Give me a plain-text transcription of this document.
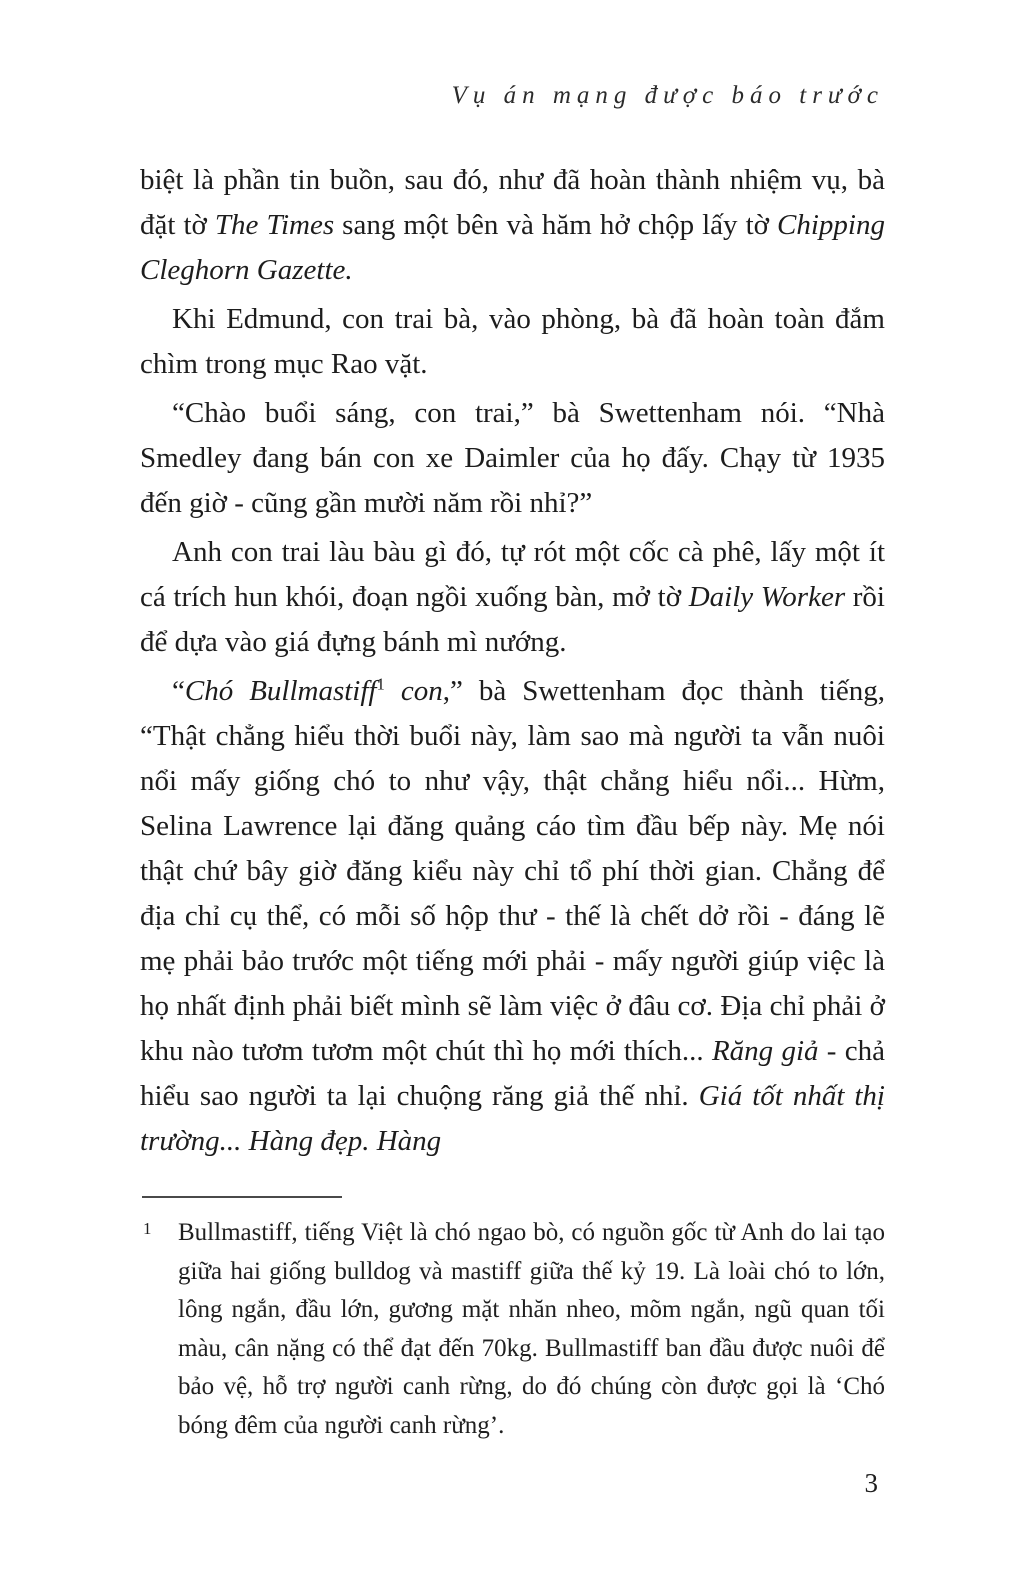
Vụ án mạng được báo trước

biệt là phần tin buồn, sau đó, như đã hoàn thành nhiệm vụ, bà đặt tờ The Times sang một bên và hăm hở chộp lấy tờ Chipping Cleghorn Gazette.

Khi Edmund, con trai bà, vào phòng, bà đã hoàn toàn đắm chìm trong mục Rao vặt.

“Chào buổi sáng, con trai,” bà Swettenham nói. “Nhà Smedley đang bán con xe Daimler của họ đấy. Chạy từ 1935 đến giờ - cũng gần mười năm rồi nhỉ?”

Anh con trai làu bàu gì đó, tự rót một cốc cà phê, lấy một ít cá trích hun khói, đoạn ngồi xuống bàn, mở tờ Daily Worker rồi để dựa vào giá đựng bánh mì nướng.

“Chó Bullmastiff$^1$ con,” bà Swettenham đọc thành tiếng, “Thật chẳng hiểu thời buổi này, làm sao mà người ta vẫn nuôi nổi mấy giống chó to như vậy, thật chẳng hiểu nổi... Hừm, Selina Lawrence lại đăng quảng cáo tìm đầu bếp này. Mẹ nói thật chứ bây giờ đăng kiểu này chỉ tổ phí thời gian. Chẳng để địa chỉ cụ thể, có mỗi số hộp thư - thế là chết dở rồi - đáng lẽ mẹ phải bảo trước một tiếng mới phải - mấy người giúp việc là họ nhất định phải biết mình sẽ làm việc ở đâu cơ. Địa chỉ phải ở khu nào tươm tươm một chút thì họ mới thích... Răng giả - chả hiểu sao người ta lại chuộng răng giả thế nhỉ. Giá tốt nhất thị trường... Hàng đẹp. Hàng

1 Bullmastiff, tiếng Việt là chó ngao bò, có nguồn gốc từ Anh do lai tạo giữa hai giống bulldog và mastiff giữa thế kỷ 19. Là loài chó to lớn, lông ngắn, đầu lớn, gương mặt nhăn nheo, mõm ngắn, ngũ quan tối màu, cân nặng có thể đạt đến 70kg. Bullmastiff ban đầu được nuôi để bảo vệ, hỗ trợ người canh rừng, do đó chúng còn được gọi là ‘Chó bóng đêm của người canh rừng’.
3
